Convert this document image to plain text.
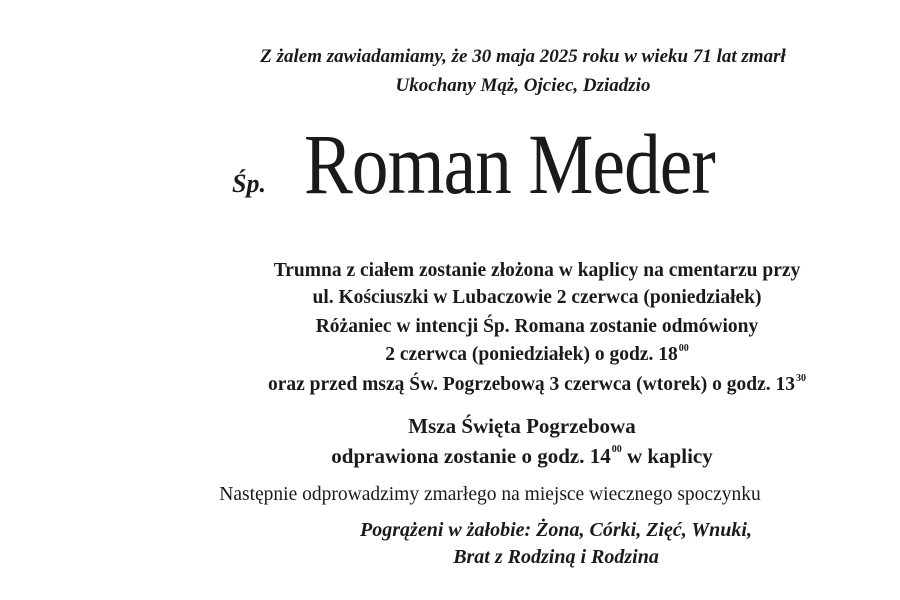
Z żalem zawiadamiamy, że 30 maja 2025 roku w wieku 71 lat zmarł
Ukochany Mąż, Ojciec, Dziadzio
Śp. Roman Meder
Trumna z ciałem zostanie złożona w kaplicy na cmentarzu przy
ul. Kościuszki w Lubaczowie 2 czerwca (poniedziałek)
Różaniec w intencji Śp. Romana zostanie odmówiony
2 czerwca (poniedziałek) o godz. $18^{00}$
oraz przed mszą Św. Pogrzebową 3 czerwca (wtorek) o godz. $13^{30}$
Msza Święta Pogrzebowa
odprawiona zostanie o godz. $14^{00}$ w kaplicy
Następnie odprowadzimy zmarłego na miejsce wiecznego spoczynku
Pogrążeni w żałobie: Żona, Córki, Zięć, Wnuki,
Brat z Rodziną i Rodzina
